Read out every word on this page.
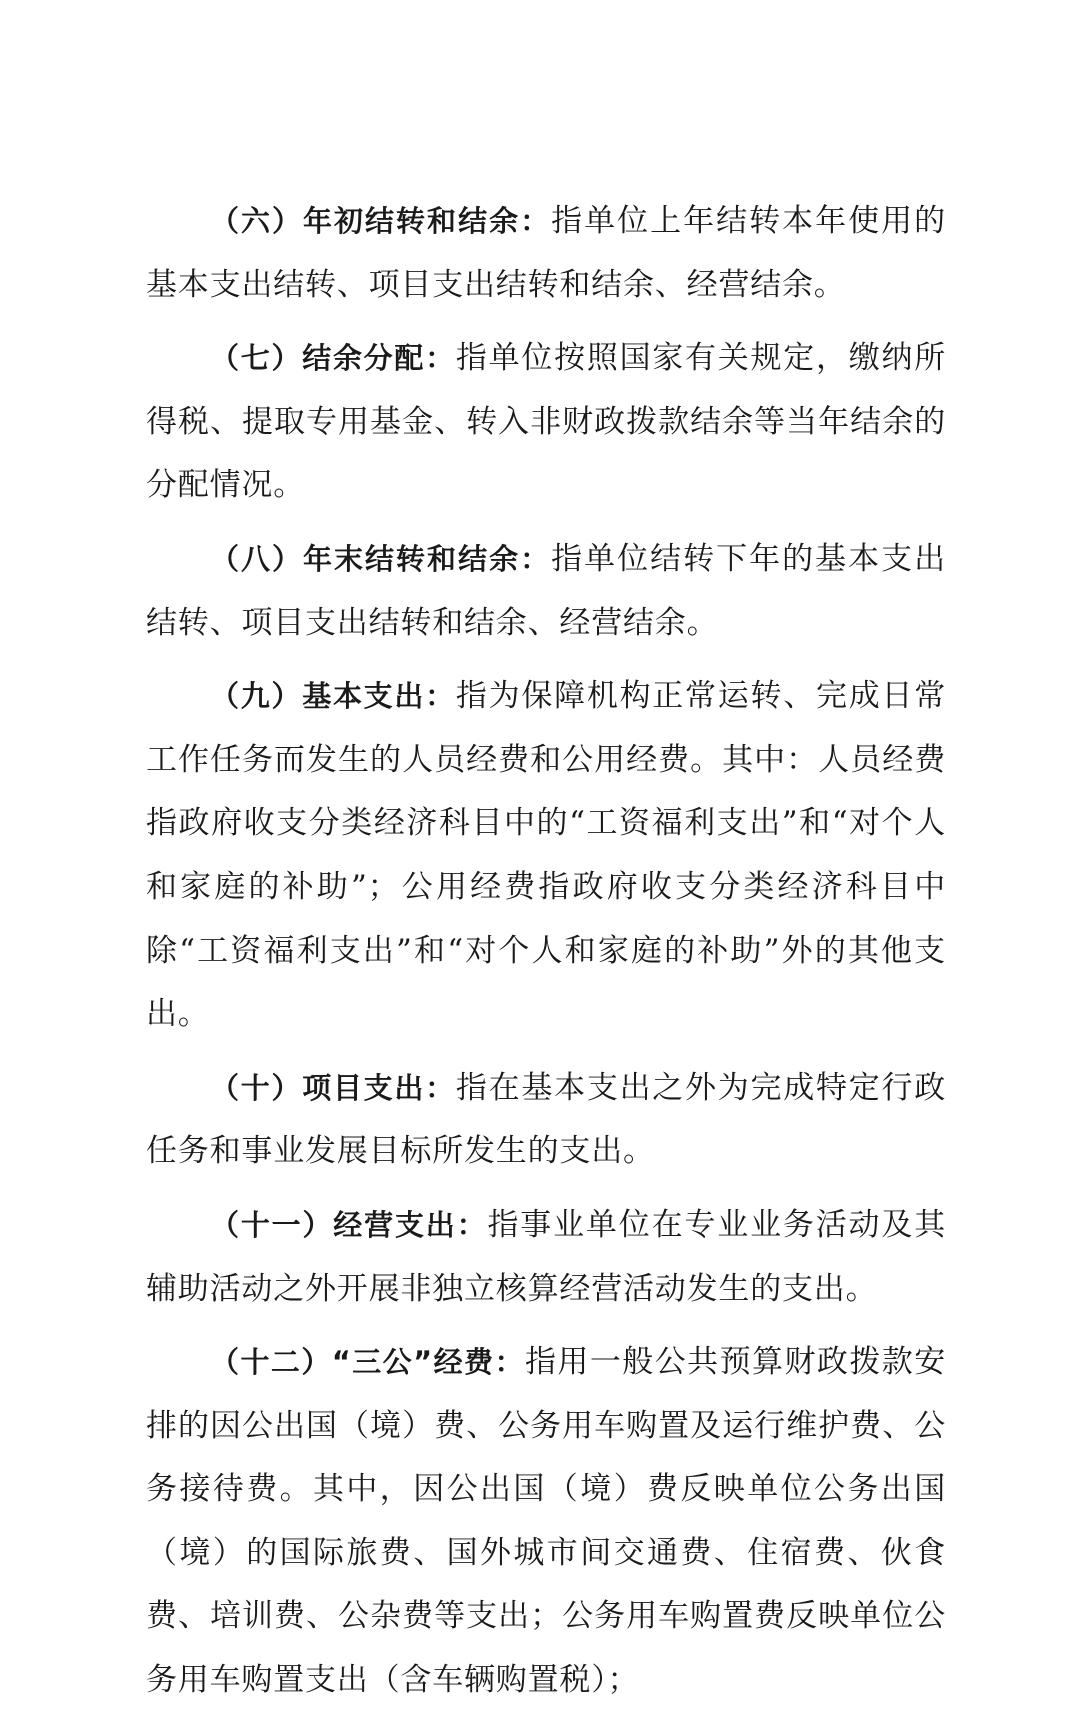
（六）年初结转和结余：指单位上年结转本年使用的基本支出结转、项目支出结转和结余、经营结余。

（七）结余分配：指单位按照国家有关规定，缴纳所得税、提取专用基金、转入非财政拨款结余等当年结余的分配情况。

（八）年末结转和结余：指单位结转下年的基本支出结转、项目支出结转和结余、经营结余。

（九）基本支出：指为保障机构正常运转、完成日常工作任务而发生的人员经费和公用经费。其中：人员经费指政府收支分类经济科目中的“工资福利支出”和“对个人和家庭的补助”；公用经费指政府收支分类经济科目中除“工资福利支出”和“对个人和家庭的补助”外的其他支出。

（十）项目支出：指在基本支出之外为完成特定行政任务和事业发展目标所发生的支出。

（十一）经营支出：指事业单位在专业业务活动及其辅助活动之外开展非独立核算经营活动发生的支出。

（十二）“三公”经费：指用一般公共预算财政拨款安排的因公出国（境）费、公务用车购置及运行维护费、公务接待费。其中，因公出国（境）费反映单位公务出国（境）的国际旅费、国外城市间交通费、住宿费、伙食费、培训费、公杂费等支出；公务用车购置费反映单位公务用车购置支出（含车辆购置税）；
